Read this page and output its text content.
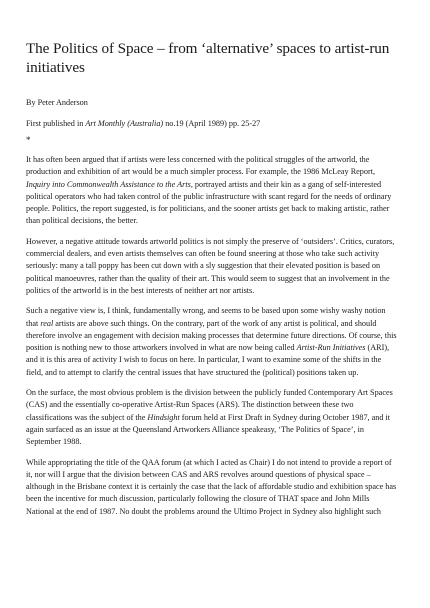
The Politics of Space – from ‘alternative’ spaces to artist-run initiatives
By Peter Anderson
First published in Art Monthly (Australia) no.19 (April 1989) pp. 25-27
*

It has often been argued that if artists were less concerned with the political struggles of the artworld, the production and exhibition of art would be a much simpler process. For example, the 1986 McLeay Report, Inquiry into Commonwealth Assistance to the Arts, portrayed artists and their kin as a gang of self-interested political operators who had taken control of the public infrastructure with scant regard for the needs of ordinary people. Politics, the report suggested, is for politicians, and the sooner artists get back to making artistic, rather than political decisions, the better.

However, a negative attitude towards artworld politics is not simply the preserve of ‘outsiders’. Critics, curators, commercial dealers, and even artists themselves can often be found sneering at those who take such activity seriously: many a tall poppy has been cut down with a sly suggestion that their elevated position is based on political manoeuvres, rather than the quality of their art. This would seem to suggest that an involvement in the politics of the artworld is in the best interests of neither art nor artists.

Such a negative view is, I think, fundamentally wrong, and seems to be based upon some wishy washy notion that real artists are above such things. On the contrary, part of the work of any artist is political, and should therefore involve an engagement with decision making processes that determine future directions. Of course, this position is nothing new to those artworkers involved in what are now being called Artist-Run Initiatives (ARI), and it is this area of activity I wish to focus on here. In particular, I want to examine some of the shifts in the field, and to attempt to clarify the central issues that have structured the (political) positions taken up.

On the surface, the most obvious problem is the division between the publicly funded Contemporary Art Spaces (CAS) and the essentially co-operative Artist-Run Spaces (ARS). The distinction between these two classifications was the subject of the Hindsight forum held at First Draft in Sydney during October 1987, and it again surfaced as an issue at the Queensland Artworkers Alliance speakeasy, ‘The Politics of Space’, in September 1988.

While appropriating the title of the QAA forum (at which I acted as Chair) I do not intend to provide a report of it, nor will I argue that the division between CAS and ARS revolves around questions of physical space – although in the Brisbane context it is certainly the case that the lack of affordable studio and exhibition space has been the incentive for much discussion, particularly following the closure of THAT space and John Mills National at the end of 1987. No doubt the problems around the Ultimo Project in Sydney also highlight such
